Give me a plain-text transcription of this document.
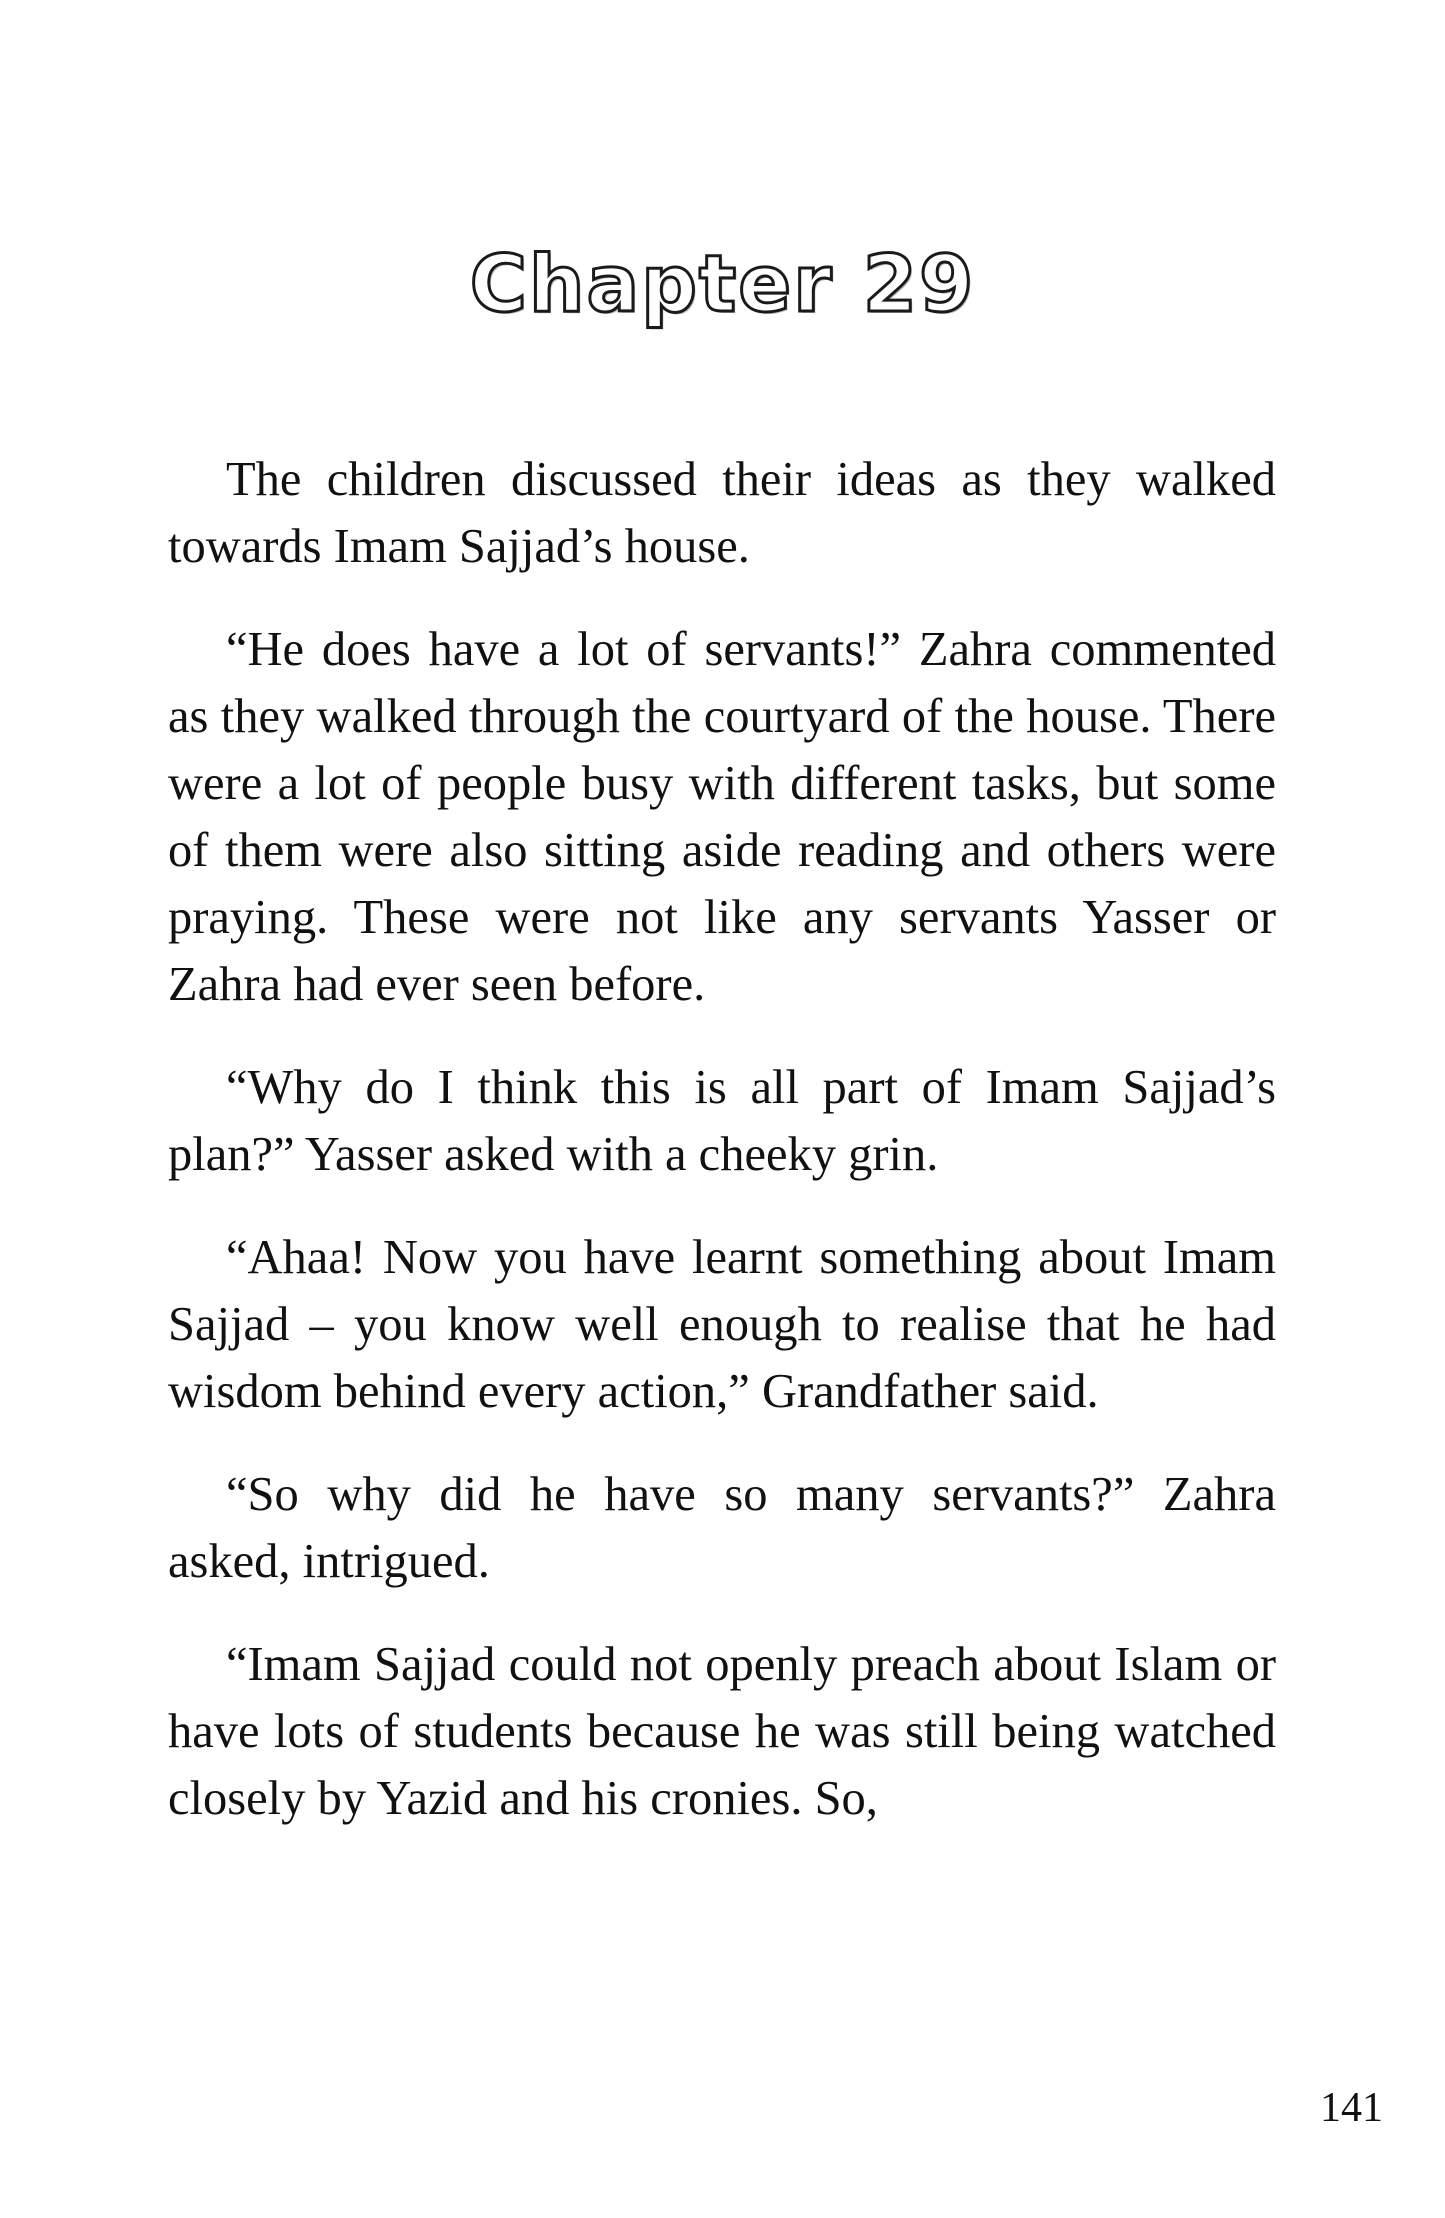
Chapter 29

The children discussed their ideas as they walked towards Imam Sajjad’s house.

“He does have a lot of servants!” Zahra commented as they walked through the courtyard of the house. There were a lot of people busy with different tasks, but some of them were also sitting aside reading and others were praying. These were not like any servants Yasser or Zahra had ever seen before.

“Why do I think this is all part of Imam Sajjad’s plan?” Yasser asked with a cheeky grin.

“Ahaa! Now you have learnt something about Imam Sajjad – you know well enough to realise that he had wisdom behind every action,” Grandfather said.

“So why did he have so many servants?” Zahra asked, intrigued.

“Imam Sajjad could not openly preach about Islam or have lots of students because he was still being watched closely by Yazid and his cronies. So,

141
